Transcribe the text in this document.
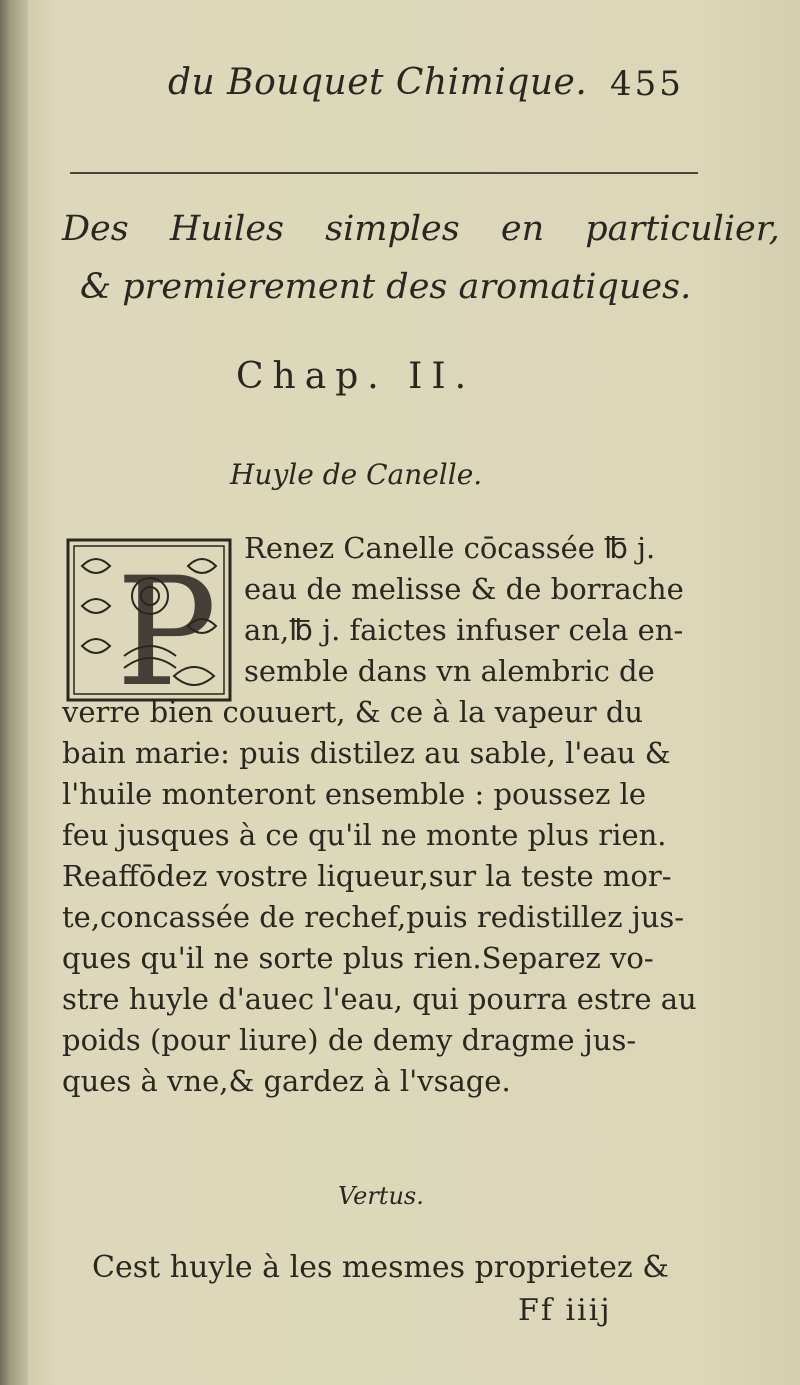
du Bouquet Chimique. 455
Des Huiles simples en particulier,
& premierement des aromatiques.
Chap. II.
Huyle de Canelle.
P Renez Canelle cōcassée ℔ j.
eau de melisse & de borrache
an,℔ j. faictes infuser cela en-
semble dans vn alembric de
verre bien couuert, & ce à la vapeur du
bain marie: puis distilez au sable, l'eau &
l'huile monteront ensemble : poussez le
feu jusques à ce qu'il ne monte plus rien.
Reaffōdez vostre liqueur,sur la teste mor-
te,concassée de rechef,puis redistillez jus-
ques qu'il ne sorte plus rien.Separez vo-
stre huyle d'auec l'eau, qui pourra estre au
poids (pour liure) de demy dragme jus-
ques à vne,& gardez à l'vsage.
Vertus.
Cest huyle à les mesmes proprietez &
Ff iiij
